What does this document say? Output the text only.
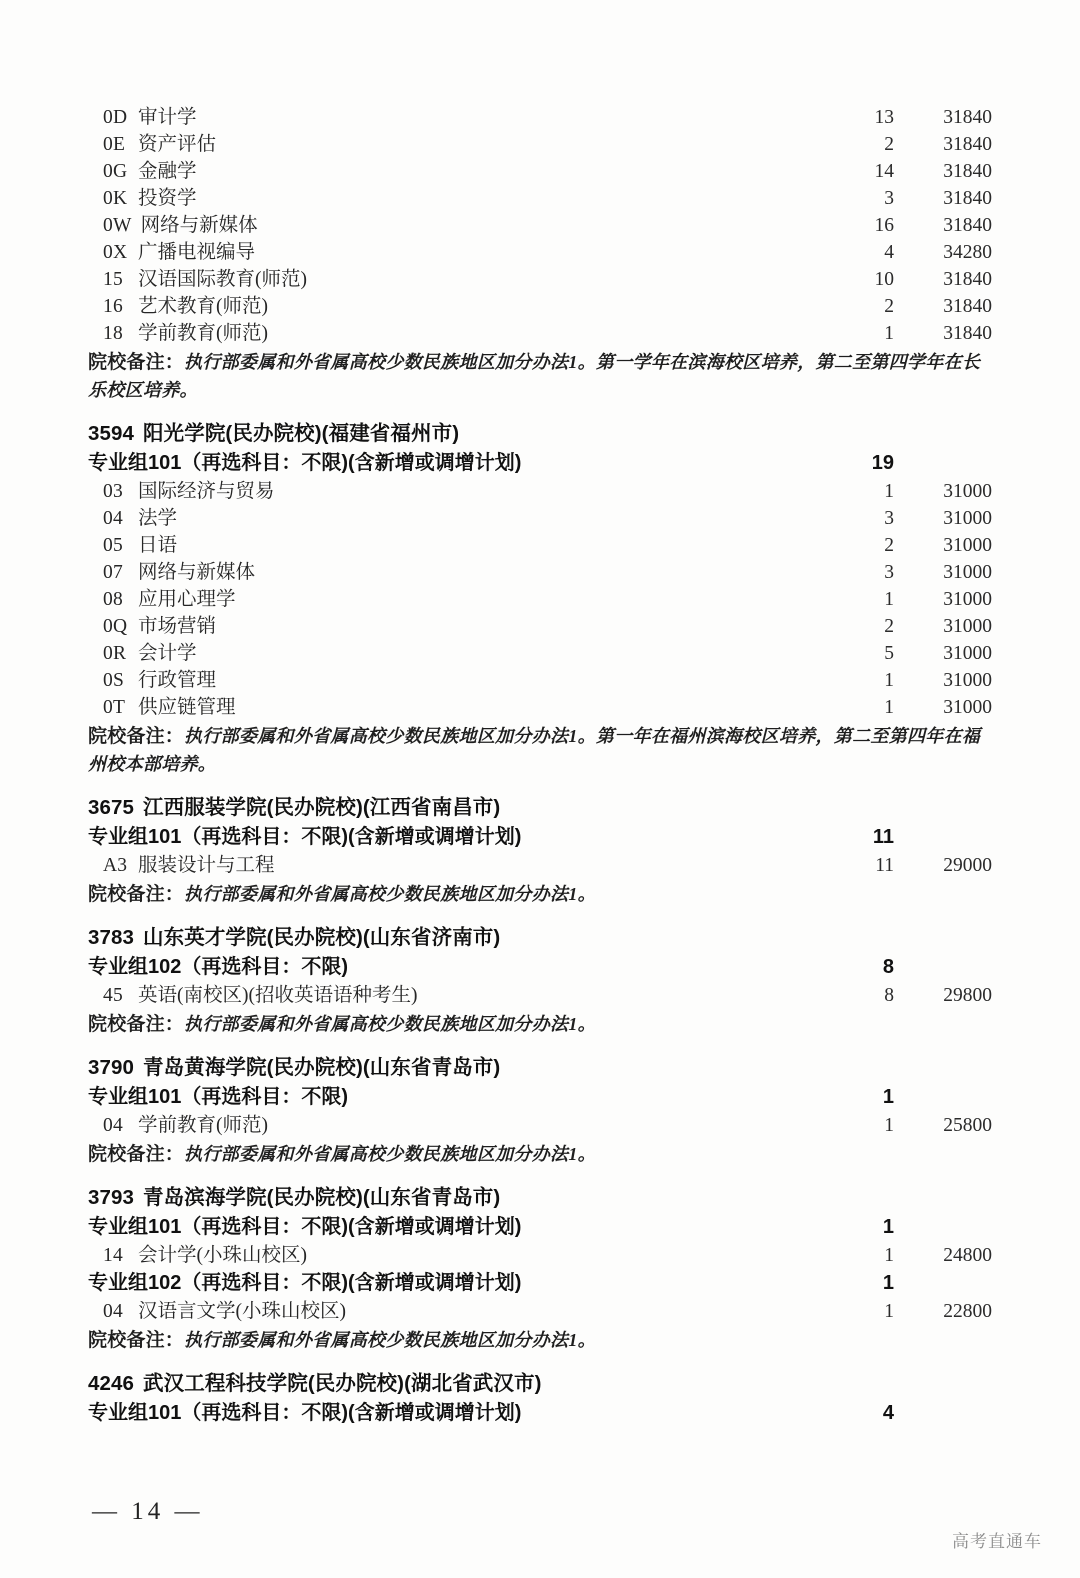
0D 审计学	13	31840
0E 资产评估	2	31840
0G 金融学	14	31840
0K 投资学	3	31840
0W 网络与新媒体	16	31840
0X 广播电视编导	4	34280
15 汉语国际教育(师范)	10	31840
16 艺术教育(师范)	2	31840
18 学前教育(师范)	1	31840
院校备注：执行部委属和外省属高校少数民族地区加分办法1。第一学年在滨海校区培养，第二至第四学年在长乐校区培养。
3594 阳光学院(民办院校)(福建省福州市)
专业组101（再选科目：不限)(含新增或调增计划)	19
03 国际经济与贸易	1	31000
04 法学	3	31000
05 日语	2	31000
07 网络与新媒体	3	31000
08 应用心理学	1	31000
0Q 市场营销	2	31000
0R 会计学	5	31000
0S 行政管理	1	31000
0T 供应链管理	1	31000
院校备注：执行部委属和外省属高校少数民族地区加分办法1。第一年在福州滨海校区培养，第二至第四年在福州校本部培养。
3675 江西服装学院(民办院校)(江西省南昌市)
专业组101（再选科目：不限)(含新增或调增计划)	11
A3 服装设计与工程	11	29000
院校备注：执行部委属和外省属高校少数民族地区加分办法1。
3783 山东英才学院(民办院校)(山东省济南市)
专业组102（再选科目：不限)	8
45 英语(南校区)(招收英语语种考生)	8	29800
院校备注：执行部委属和外省属高校少数民族地区加分办法1。
3790 青岛黄海学院(民办院校)(山东省青岛市)
专业组101（再选科目：不限)	1
04 学前教育(师范)	1	25800
院校备注：执行部委属和外省属高校少数民族地区加分办法1。
3793 青岛滨海学院(民办院校)(山东省青岛市)
专业组101（再选科目：不限)(含新增或调增计划)	1
14 会计学(小珠山校区)	1	24800
专业组102（再选科目：不限)(含新增或调增计划)	1
04 汉语言文学(小珠山校区)	1	22800
院校备注：执行部委属和外省属高校少数民族地区加分办法1。
4246 武汉工程科技学院(民办院校)(湖北省武汉市)
专业组101（再选科目：不限)(含新增或调增计划)	4
— 14 —
高考直通车
